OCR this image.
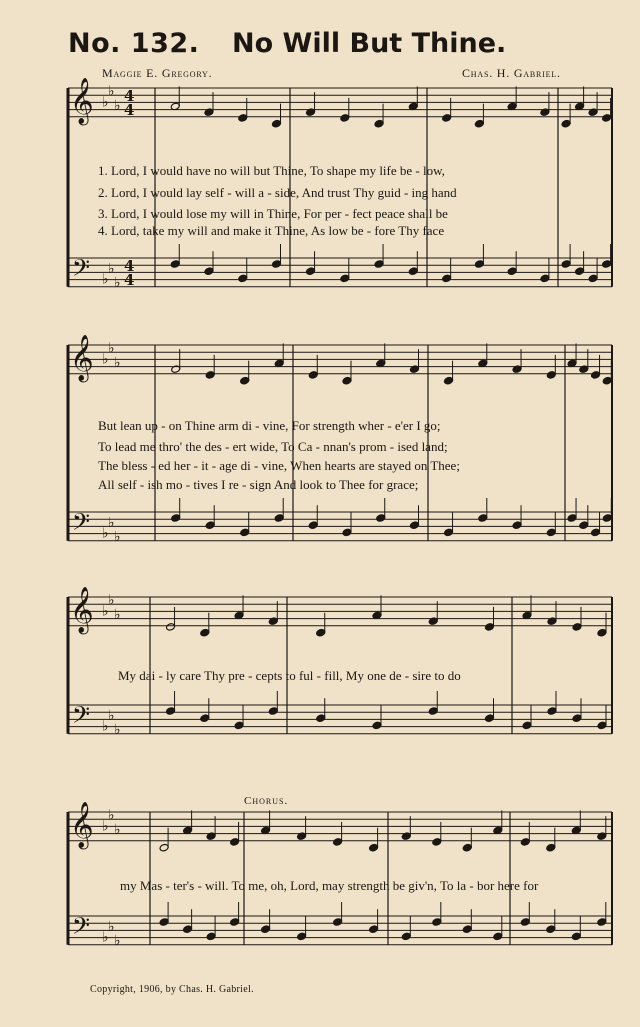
No. 132. No Will But Thine.
Maggie E. Gregory.	Chas. H. Gabriel.
𝄞
𝄢
♭
♭
♭
♭
♭
♭
4
4
4
4
𝄞
𝄢
♭
♭
♭
♭
♭
♭
𝄞
𝄢
♭
♭
♭
♭
♭
♭
𝄞
𝄢
♭
♭
♭
♭
♭
♭
1. Lord, I would have no will but Thine, To shape my life be - low,
2. Lord, I would lay self - will a - side, And trust Thy guid - ing hand
3. Lord, I would lose my will in Thine, For per - fect peace shall be
4. Lord, take my will and make it Thine, As low be - fore Thy face
But lean up - on Thine arm di - vine, For strength wher - e'er I go;
To lead me thro' the des - ert wide, To Ca - nnan's prom - ised land;
The bless - ed her - it - age di - vine, When hearts are stayed on Thee;
All self - ish mo - tives I re - sign And look to Thee for grace;
My dai - ly care Thy pre - cepts to ful - fill, My one de - sire to do
Chorus.
my Mas - ter's - will. To me, oh, Lord, may strength be giv'n, To la - bor here for
Copyright, 1906, by Chas. H. Gabriel.
